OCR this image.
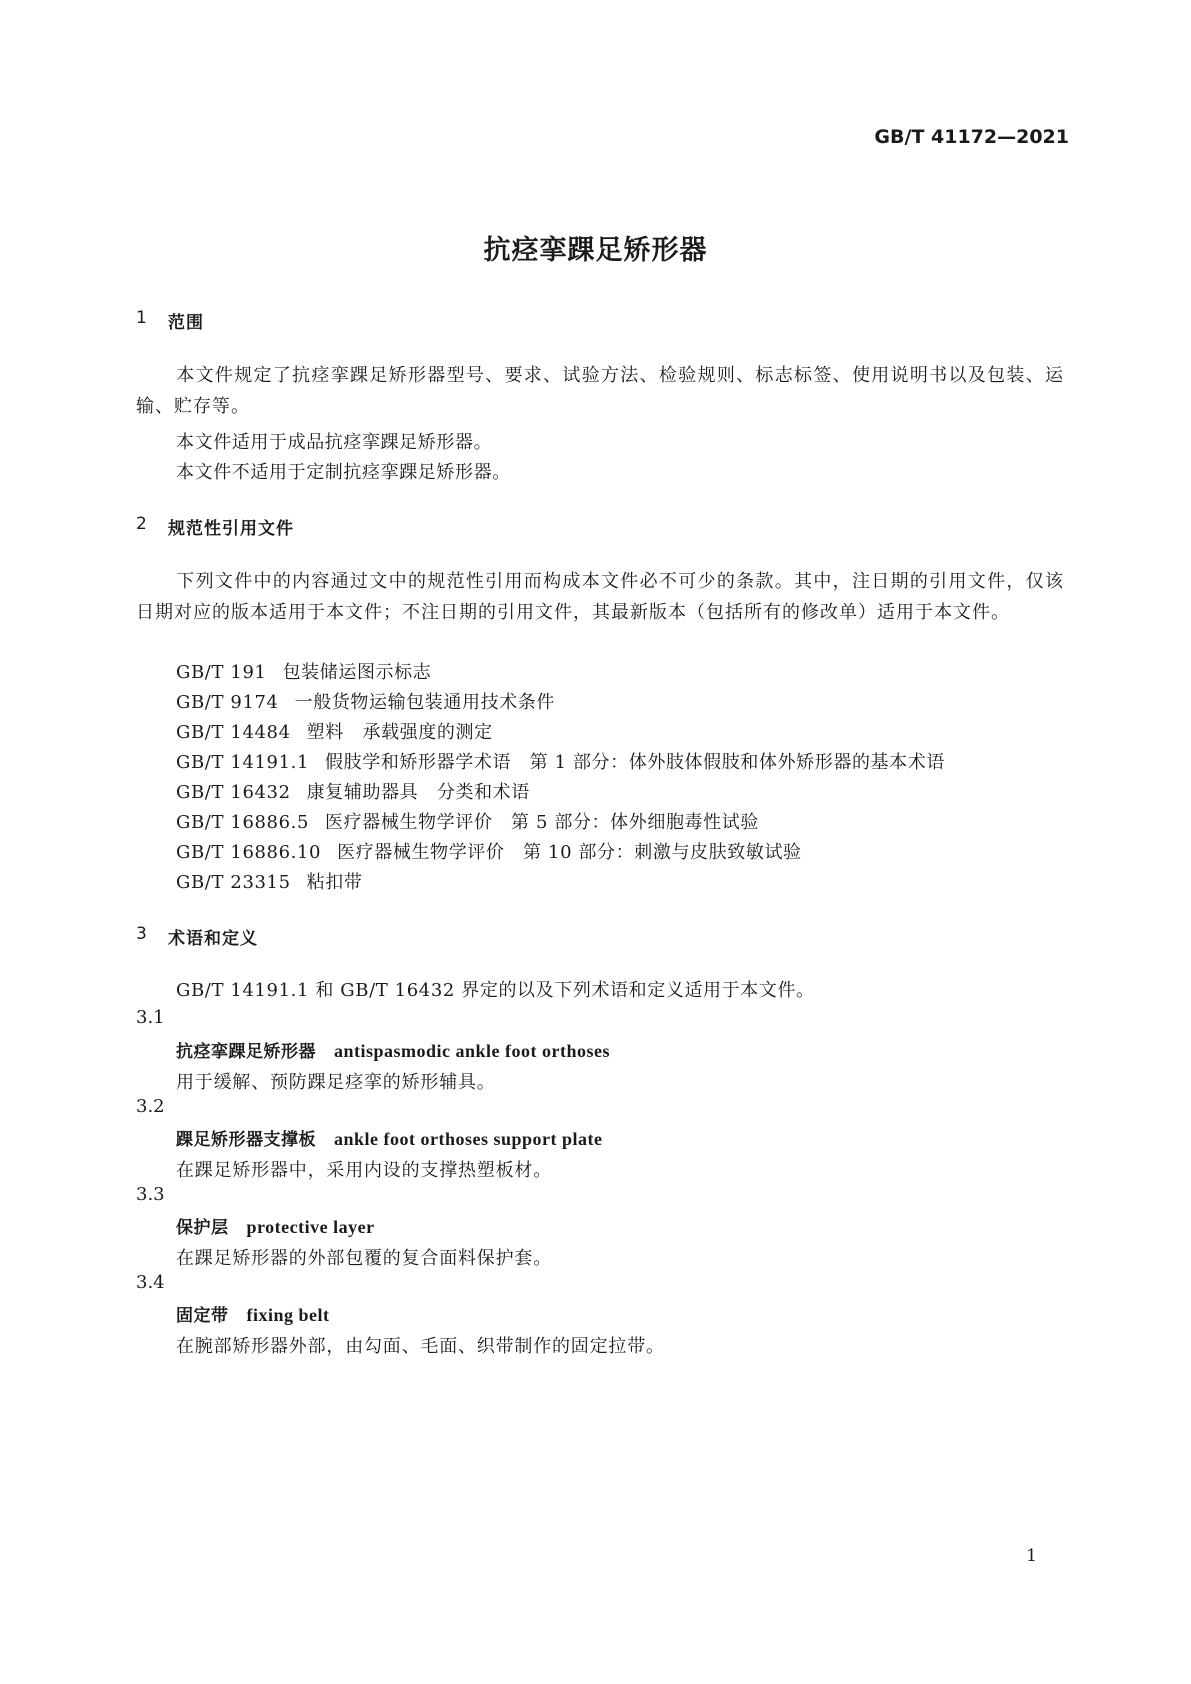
GB/T 41172—2021
抗痉挛踝足矫形器
1 范围
本文件规定了抗痉挛踝足矫形器型号、要求、试验方法、检验规则、标志标签、使用说明书以及包装、运输、贮存等。
本文件适用于成品抗痉挛踝足矫形器。
本文件不适用于定制抗痉挛踝足矫形器。
2 规范性引用文件
下列文件中的内容通过文中的规范性引用而构成本文件必不可少的条款。其中，注日期的引用文件，仅该日期对应的版本适用于本文件；不注日期的引用文件，其最新版本（包括所有的修改单）适用于本文件。
GB/T 191 包装储运图示标志
GB/T 9174 一般货物运输包装通用技术条件
GB/T 14484 塑料　承载强度的测定
GB/T 14191.1 假肢学和矫形器学术语　第 1 部分：体外肢体假肢和体外矫形器的基本术语
GB/T 16432 康复辅助器具　分类和术语
GB/T 16886.5 医疗器械生物学评价　第 5 部分：体外细胞毒性试验
GB/T 16886.10 医疗器械生物学评价　第 10 部分：刺激与皮肤致敏试验
GB/T 23315 粘扣带
3 术语和定义
GB/T 14191.1 和 GB/T 16432 界定的以及下列术语和定义适用于本文件。
3.1
抗痉挛踝足矫形器 antispasmodic ankle foot orthoses
用于缓解、预防踝足痉挛的矫形辅具。
3.2
踝足矫形器支撑板 ankle foot orthoses support plate
在踝足矫形器中，采用内设的支撑热塑板材。
3.3
保护层 protective layer
在踝足矫形器的外部包覆的复合面料保护套。
3.4
固定带 fixing belt
在腕部矫形器外部，由勾面、毛面、织带制作的固定拉带。
1
